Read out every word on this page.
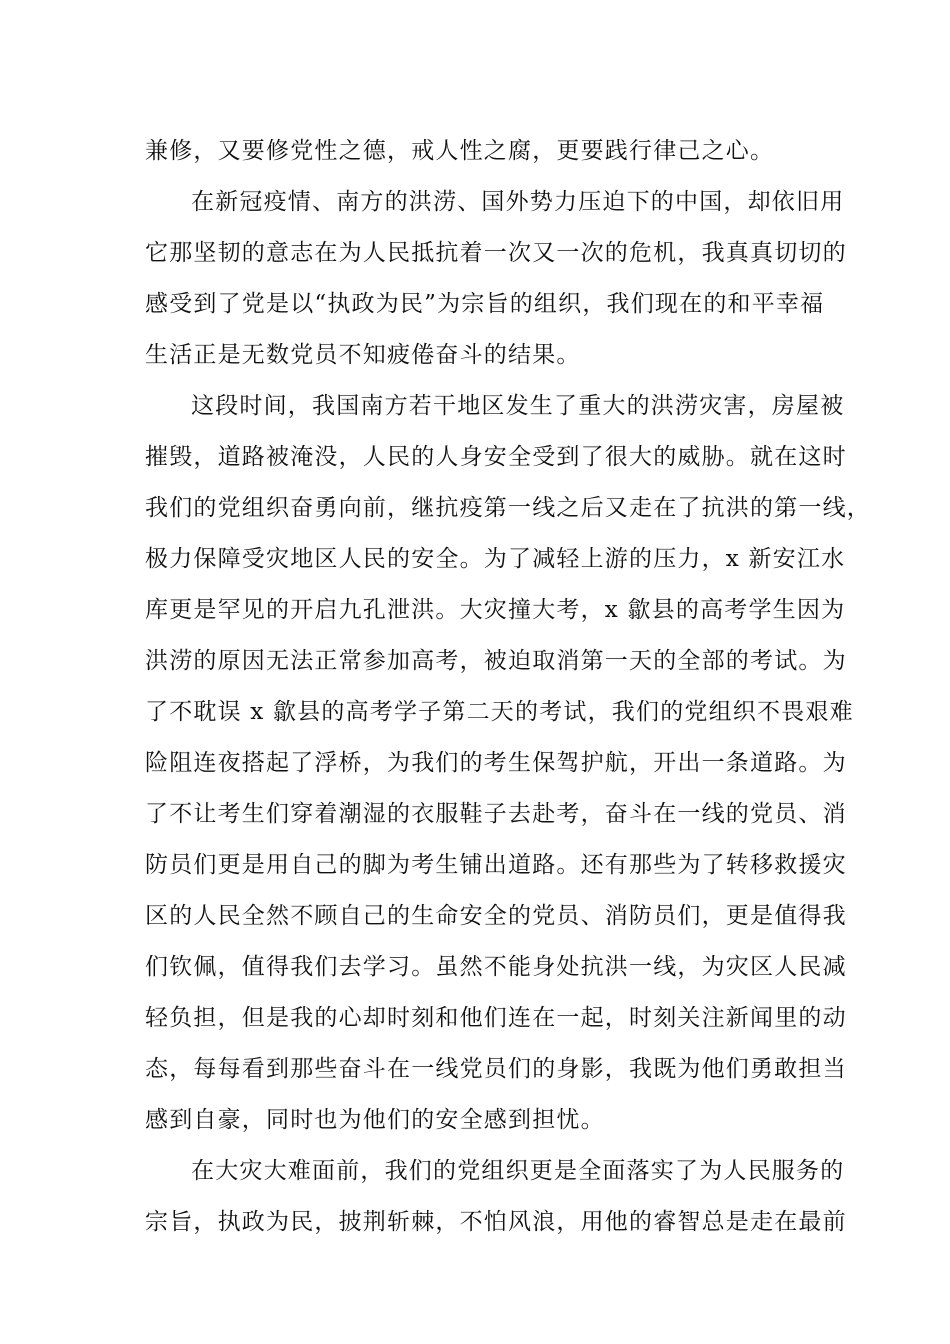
兼修，又要修党性之德，戒人性之腐，更要践行律己之心。

在新冠疫情、南方的洪涝、国外势力压迫下的中国，却依旧用

它那坚韧的意志在为人民抵抗着一次又一次的危机，我真真切切的

感受到了党是以“执政为民”为宗旨的组织，我们现在的和平幸福

生活正是无数党员不知疲倦奋斗的结果。

这段时间，我国南方若干地区发生了重大的洪涝灾害，房屋被

摧毁，道路被淹没，人民的人身安全受到了很大的威胁。就在这时

我们的党组织奋勇向前，继抗疫第一线之后又走在了抗洪的第一线，

极力保障受灾地区人民的安全。为了减轻上游的压力，x 新安江水

库更是罕见的开启九孔泄洪。大灾撞大考，x 歙县的高考学生因为

洪涝的原因无法正常参加高考，被迫取消第一天的全部的考试。为

了不耽误 x 歙县的高考学子第二天的考试，我们的党组织不畏艰难

险阻连夜搭起了浮桥，为我们的考生保驾护航，开出一条道路。为

了不让考生们穿着潮湿的衣服鞋子去赴考，奋斗在一线的党员、消

防员们更是用自己的脚为考生铺出道路。还有那些为了转移救援灾

区的人民全然不顾自己的生命安全的党员、消防员们，更是值得我

们钦佩，值得我们去学习。虽然不能身处抗洪一线，为灾区人民减

轻负担，但是我的心却时刻和他们连在一起，时刻关注新闻里的动

态，每每看到那些奋斗在一线党员们的身影，我既为他们勇敢担当

感到自豪，同时也为他们的安全感到担忧。

在大灾大难面前，我们的党组织更是全面落实了为人民服务的

宗旨，执政为民，披荆斩棘，不怕风浪，用他的睿智总是走在最前
